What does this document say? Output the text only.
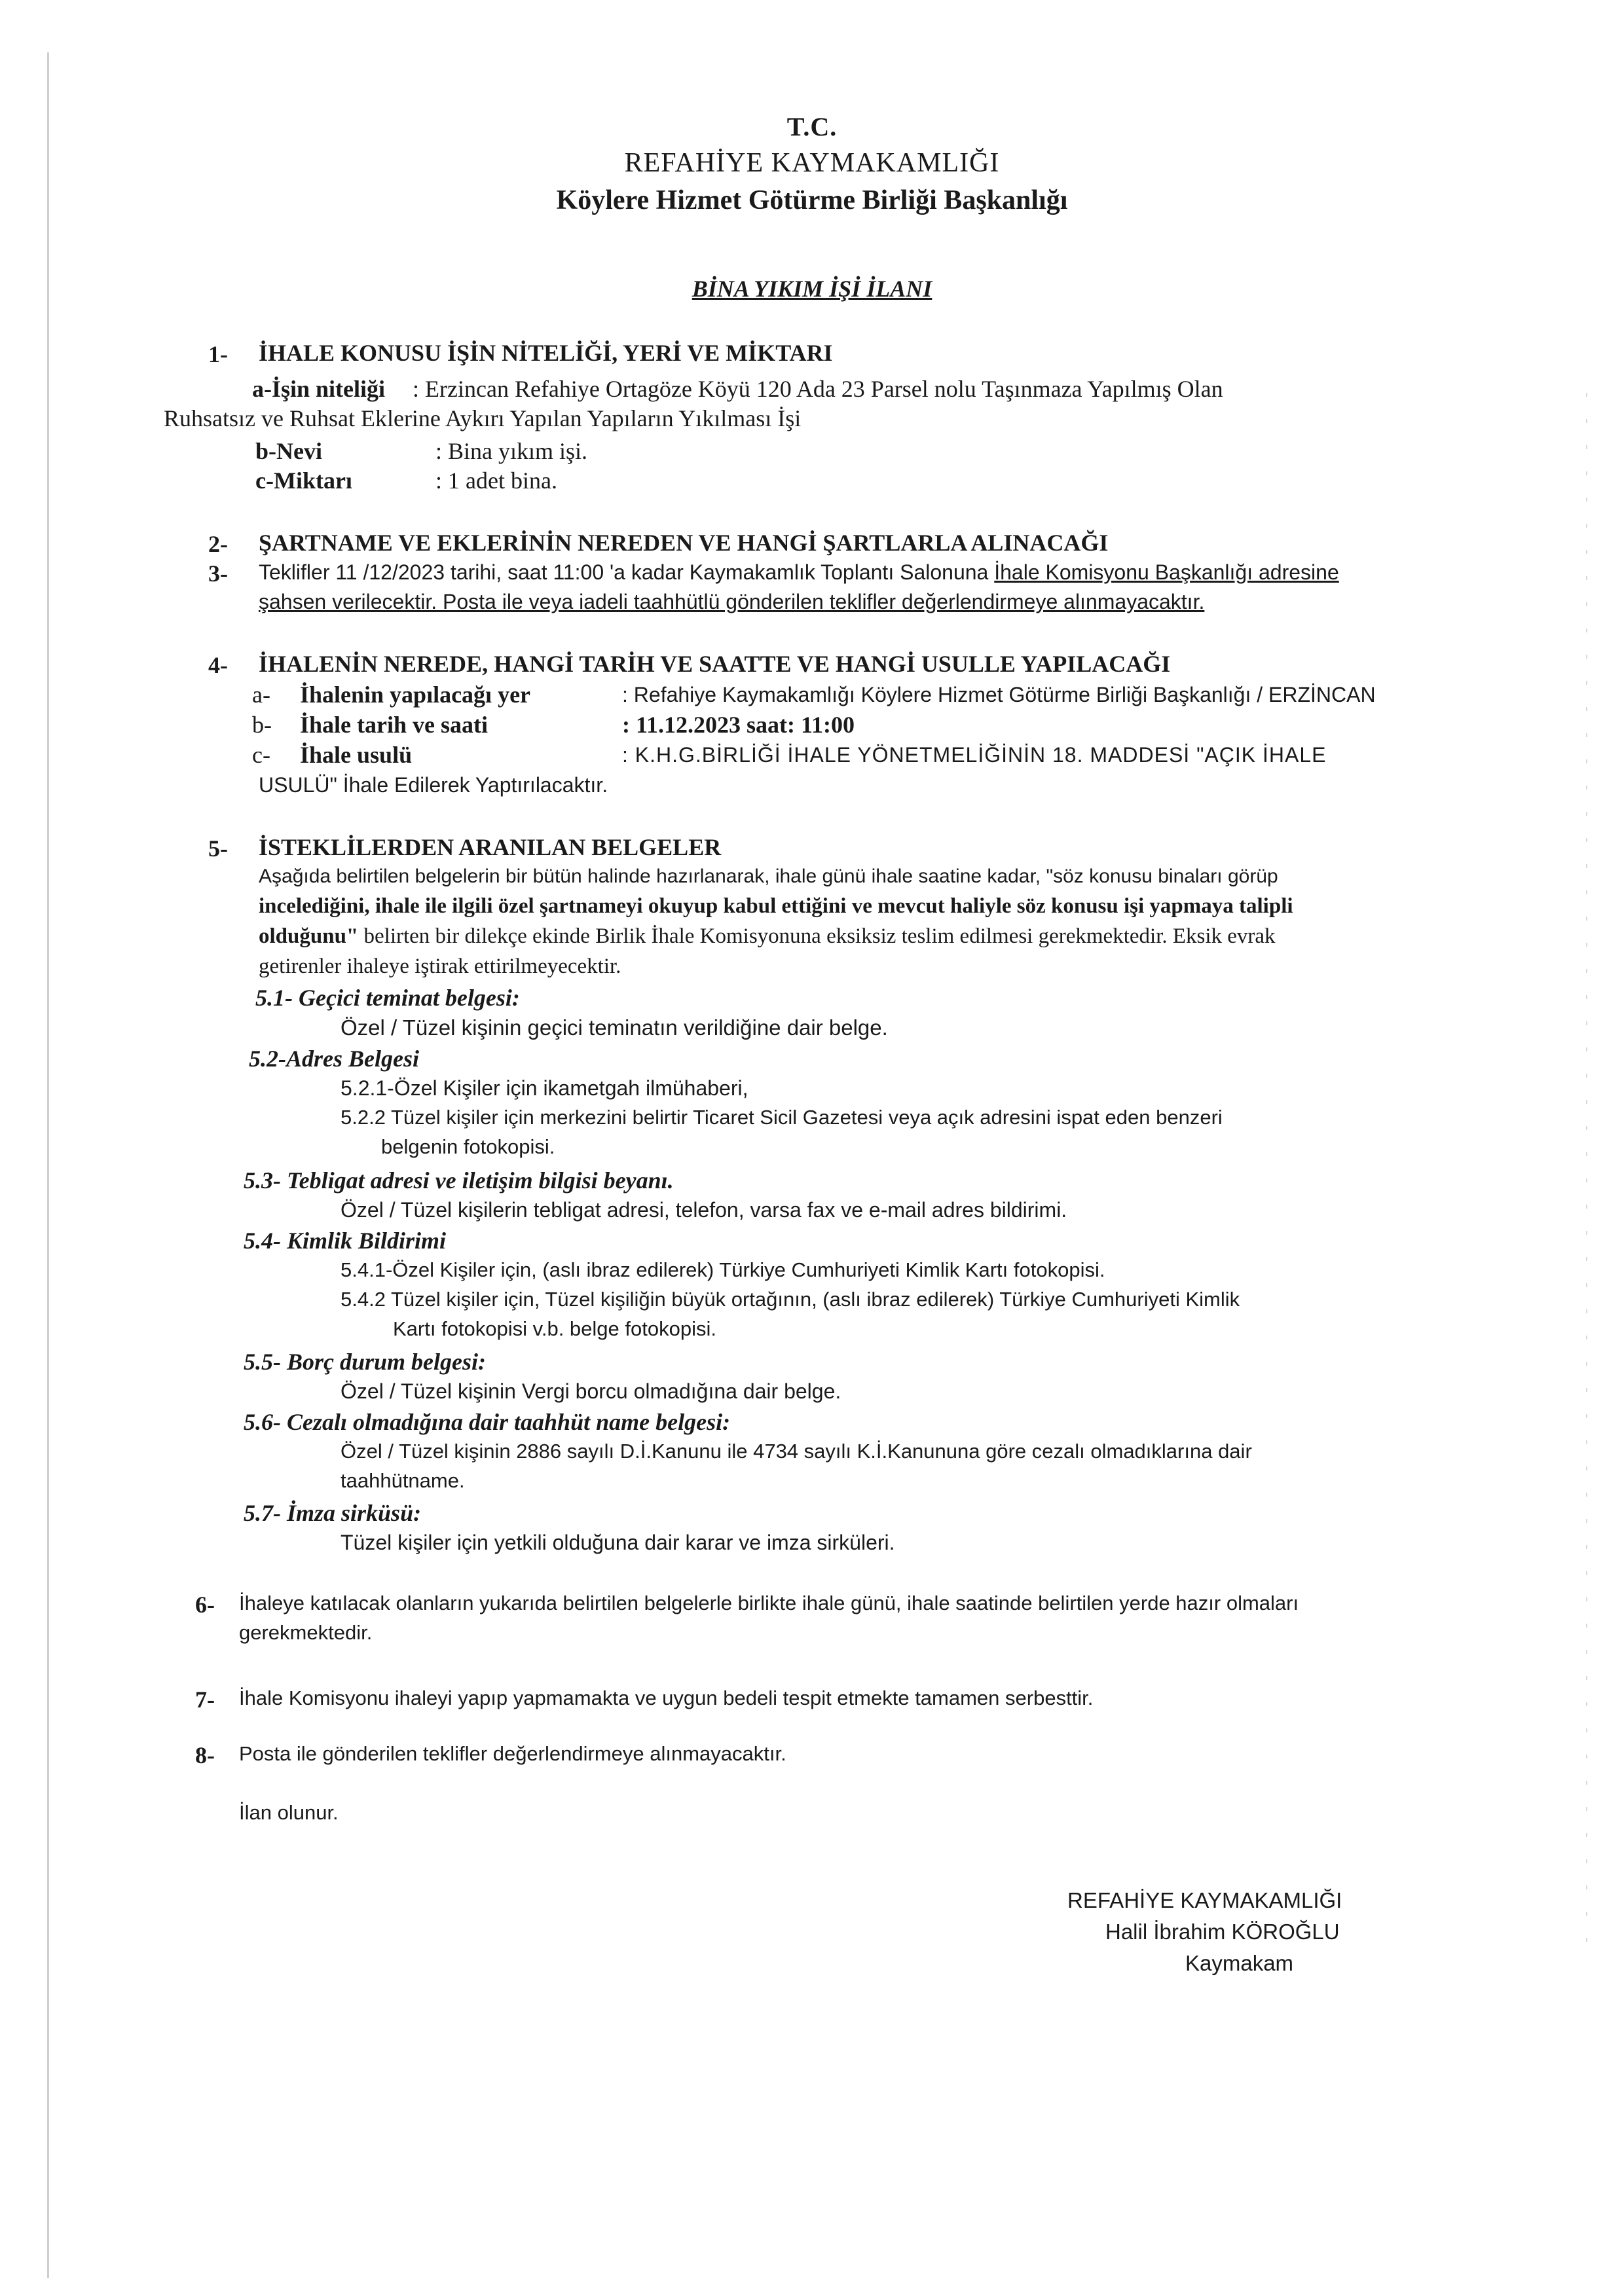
T.C.
REFAHİYE KAYMAKAMLIĞI
Köylere Hizmet Götürme Birliği Başkanlığı
BİNA YIKIM İŞİ İLANI
1- İHALE KONUSU İŞİN NİTELİĞİ, YERİ VE MİKTARI
a-İşin niteliği : Erzincan Refahiye Ortagöze Köyü 120 Ada 23 Parsel nolu Taşınmaza Yapılmış Olan
Ruhsatsız ve Ruhsat Eklerine Aykırı Yapılan Yapıların Yıkılması İşi
b-Nevi	: Bina yıkım işi.
c-Miktarı	: 1 adet bina.
2- ŞARTNAME VE EKLERİNİN NEREDEN VE HANGİ ŞARTLARLA ALINACAĞI
3- Teklifler 11 /12/2023 tarihi, saat 11:00 'a kadar Kaymakamlık Toplantı Salonuna İhale Komisyonu Başkanlığı adresine
şahsen verilecektir. Posta ile veya iadeli taahhütlü gönderilen teklifler değerlendirmeye alınmayacaktır.
4- İHALENİN NEREDE, HANGİ TARİH VE SAATTE VE HANGİ USULLE YAPILACAĞI
a- İhalenin yapılacağı yer	: Refahiye Kaymakamlığı Köylere Hizmet Götürme Birliği Başkanlığı / ERZİNCAN
b- İhale tarih ve saati	: 11.12.2023 saat: 11:00
c- İhale usulü	: K.H.G.BİRLİĞİ İHALE YÖNETMELİĞİNİN 18. MADDESİ "AÇIK İHALE
USULÜ" İhale Edilerek Yaptırılacaktır.
5- İSTEKLİLERDEN ARANILAN BELGELER
Aşağıda belirtilen belgelerin bir bütün halinde hazırlanarak, ihale günü ihale saatine kadar, "söz konusu binaları görüp
incelediğini, ihale ile ilgili özel şartnameyi okuyup kabul ettiğini ve mevcut haliyle söz konusu işi yapmaya talipli
olduğunu" belirten bir dilekçe ekinde Birlik İhale Komisyonuna eksiksiz teslim edilmesi gerekmektedir. Eksik evrak
getirenler ihaleye iştirak ettirilmeyecektir.
5.1- Geçici teminat belgesi:
Özel / Tüzel kişinin geçici teminatın verildiğine dair belge.
5.2-Adres Belgesi
5.2.1-Özel Kişiler için ikametgah ilmühaberi,
5.2.2 Tüzel kişiler için merkezini belirtir Ticaret Sicil Gazetesi veya açık adresini ispat eden benzeri
belgenin fotokopisi.
5.3- Tebligat adresi ve iletişim bilgisi beyanı.
Özel / Tüzel kişilerin tebligat adresi, telefon, varsa fax ve e-mail adres bildirimi.
5.4- Kimlik Bildirimi
5.4.1-Özel Kişiler için, (aslı ibraz edilerek) Türkiye Cumhuriyeti Kimlik Kartı fotokopisi.
5.4.2 Tüzel kişiler için, Tüzel kişiliğin büyük ortağının, (aslı ibraz edilerek) Türkiye Cumhuriyeti Kimlik
Kartı fotokopisi v.b. belge fotokopisi.
5.5- Borç durum belgesi:
Özel / Tüzel kişinin Vergi borcu olmadığına dair belge.
5.6- Cezalı olmadığına dair taahhüt name belgesi:
Özel / Tüzel kişinin 2886 sayılı D.İ.Kanunu ile 4734 sayılı K.İ.Kanununa göre cezalı olmadıklarına dair
taahhütname.
5.7- İmza sirküsü:
Tüzel kişiler için yetkili olduğuna dair karar ve imza sirküleri.
6- İhaleye katılacak olanların yukarıda belirtilen belgelerle birlikte ihale günü, ihale saatinde belirtilen yerde hazır olmaları
gerekmektedir.
7- İhale Komisyonu ihaleyi yapıp yapmamakta ve uygun bedeli tespit etmekte tamamen serbesttir.
8- Posta ile gönderilen teklifler değerlendirmeye alınmayacaktır.
İlan olunur.
REFAHİYE KAYMAKAMLIĞI
Halil İbrahim KÖROĞLU
Kaymakam
